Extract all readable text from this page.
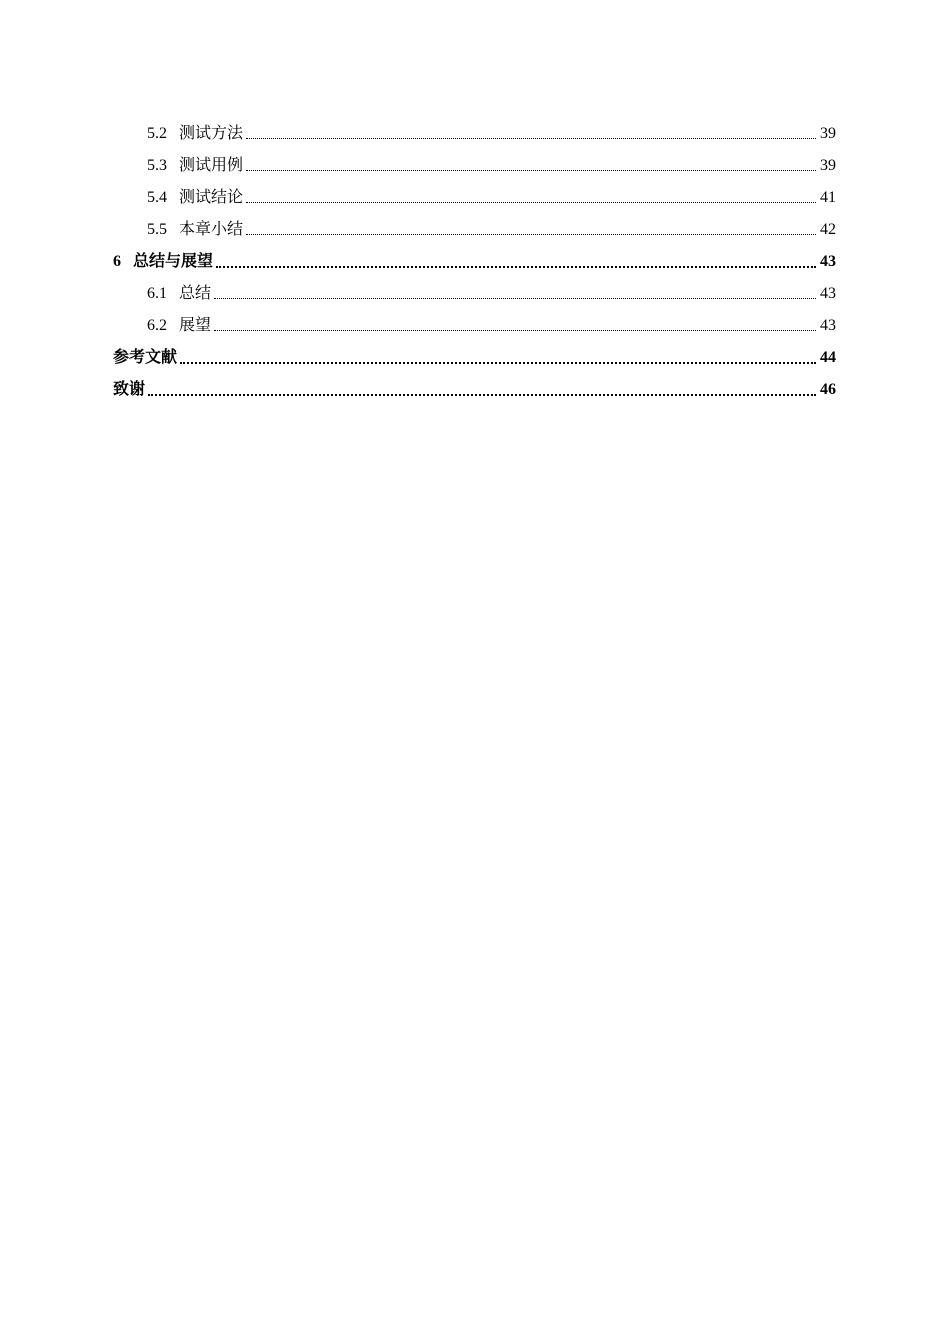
5.2 测试方法	39
5.3 测试用例	39
5.4 测试结论	41
5.5 本章小结	42
6 总结与展望	43
6.1 总结	43
6.2 展望	43
参考文献	44
致谢	46
